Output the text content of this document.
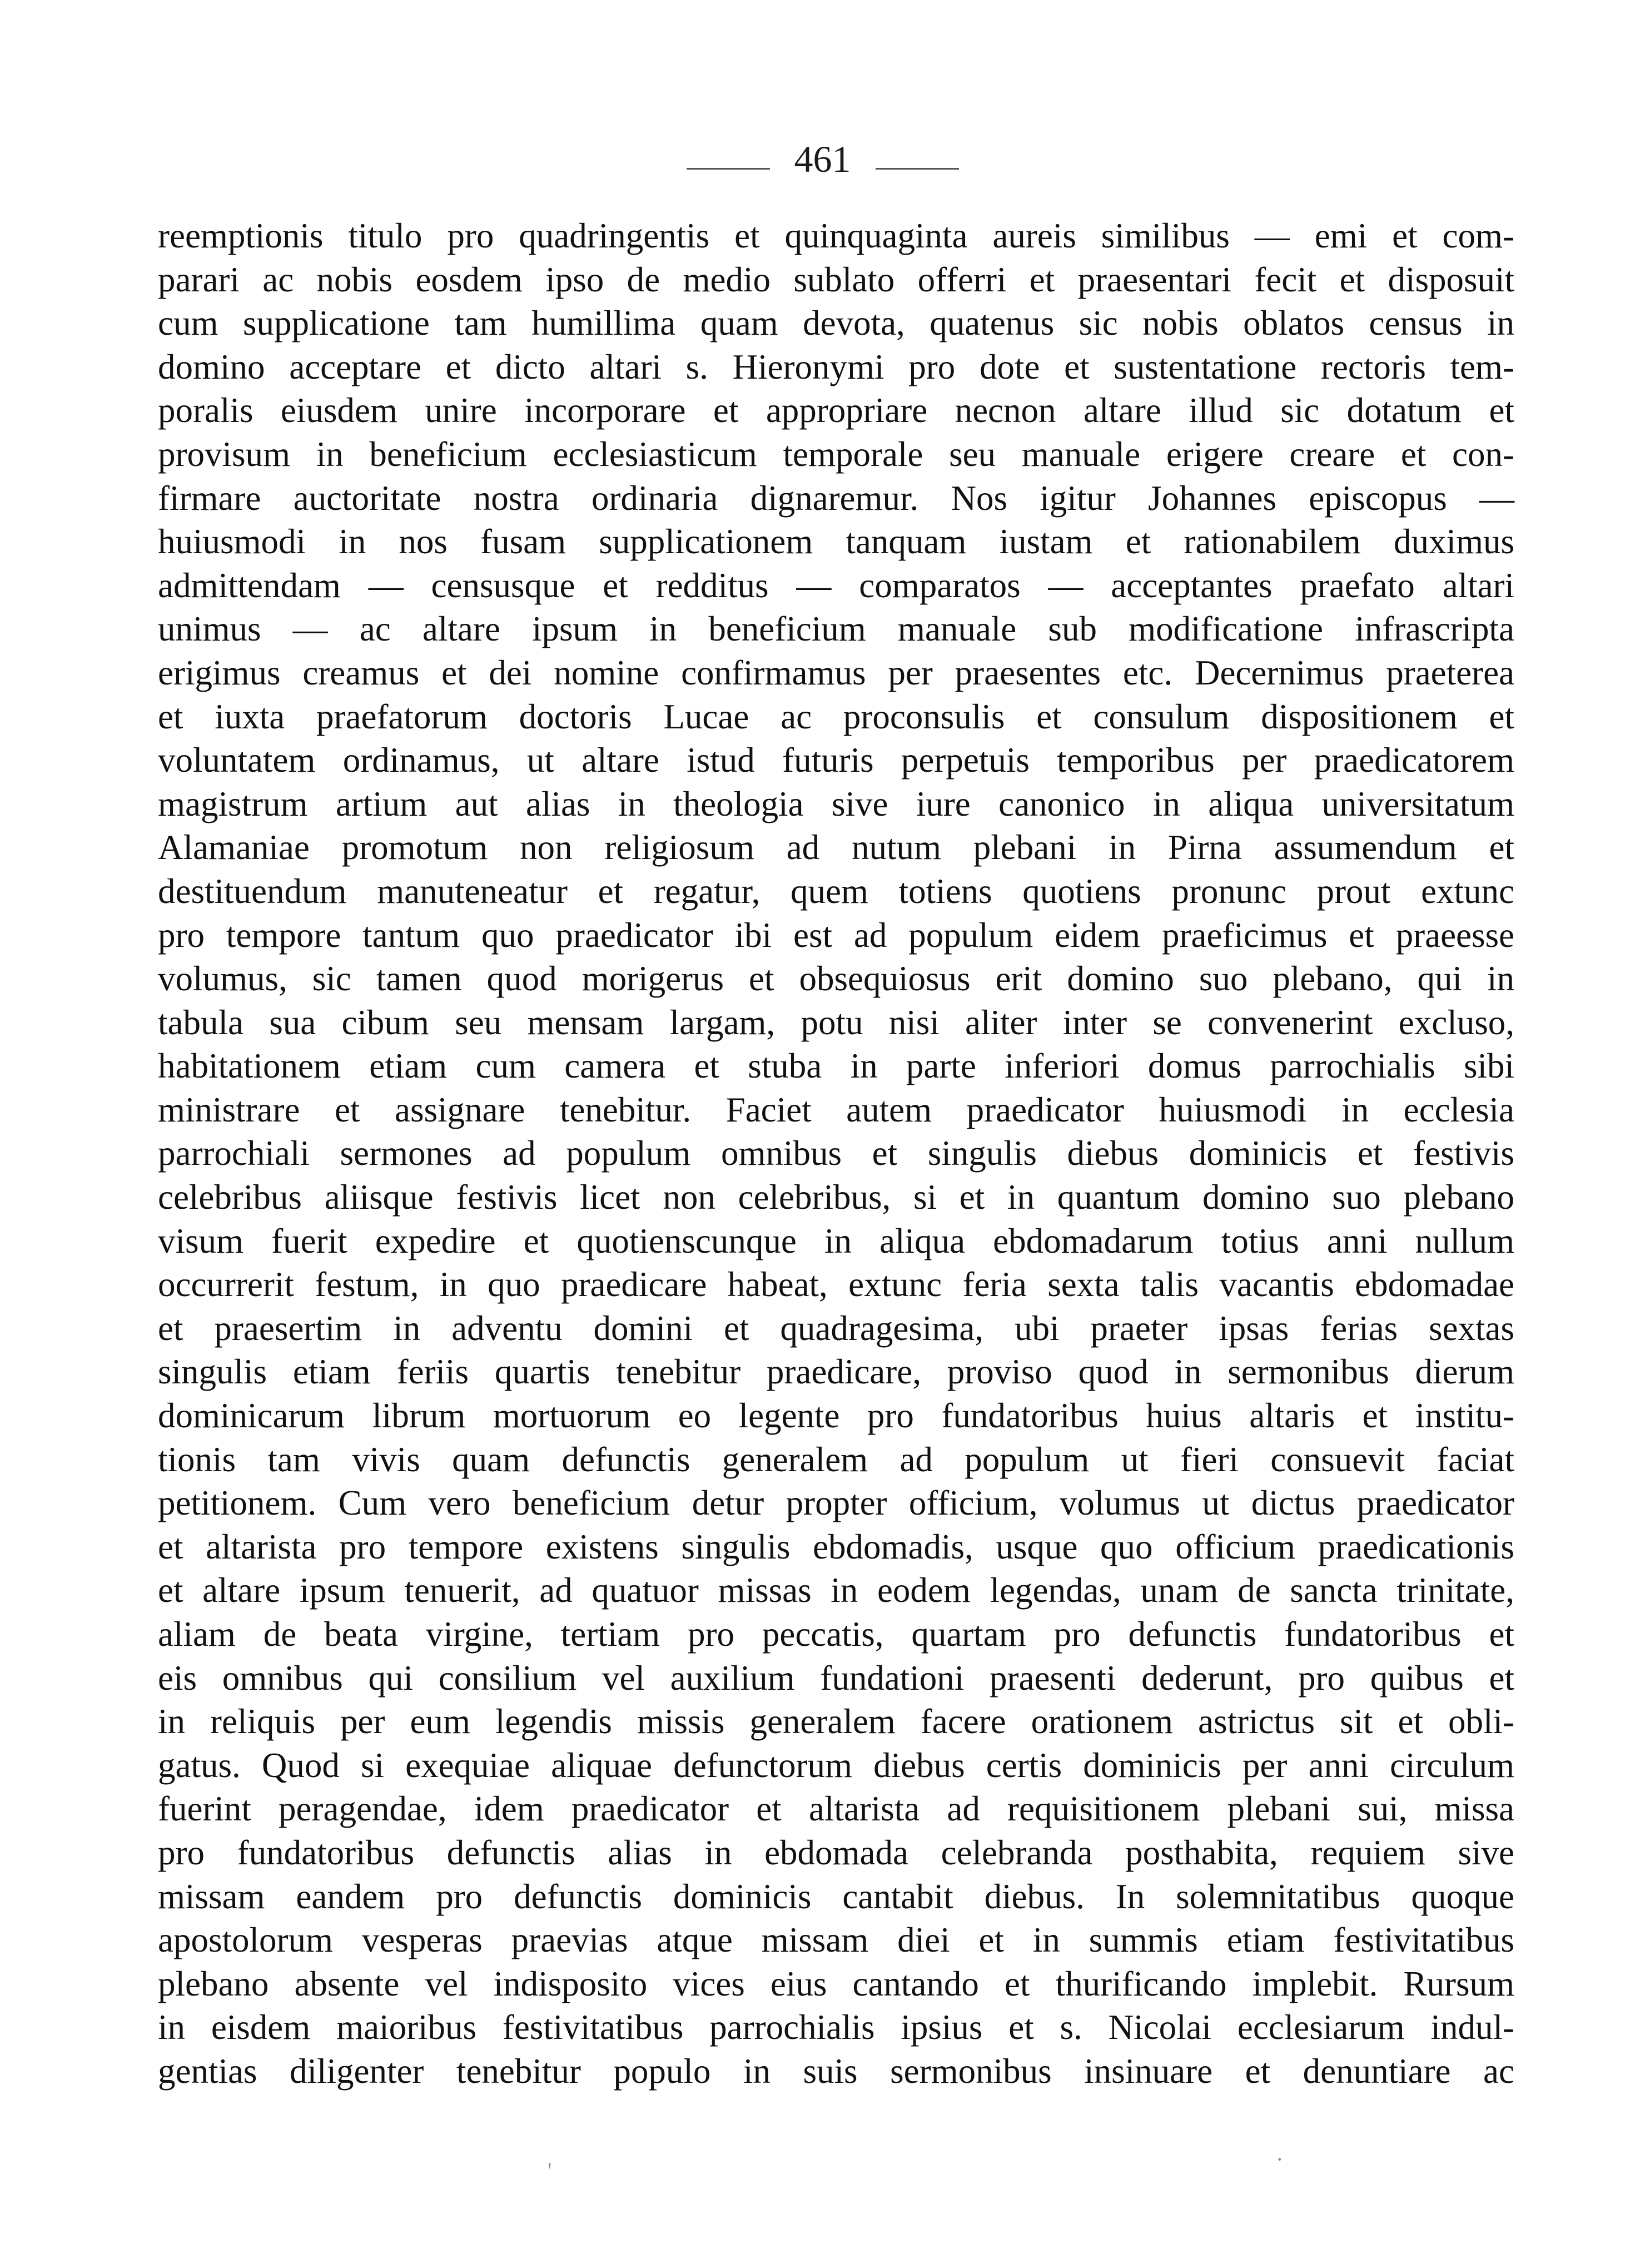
461
reemptionis titulo pro quadringentis et quinquaginta aureis similibus — emi et com-
parari ac nobis eosdem ipso de medio sublato offerri et praesentari fecit et disposuit
cum supplicatione tam humillima quam devota, quatenus sic nobis oblatos census in
domino acceptare et dicto altari s. Hieronymi pro dote et sustentatione rectoris tem-
poralis eiusdem unire incorporare et appropriare necnon altare illud sic dotatum et
provisum in beneficium ecclesiasticum temporale seu manuale erigere creare et con-
firmare auctoritate nostra ordinaria dignaremur. Nos igitur Johannes episcopus —
huiusmodi in nos fusam supplicationem tanquam iustam et rationabilem duximus
admittendam — censusque et redditus — comparatos — acceptantes praefato altari
unimus — ac altare ipsum in beneficium manuale sub modificatione infrascripta
erigimus creamus et dei nomine confirmamus per praesentes etc. Decernimus praeterea
et iuxta praefatorum doctoris Lucae ac proconsulis et consulum dispositionem et
voluntatem ordinamus, ut altare istud futuris perpetuis temporibus per praedicatorem
magistrum artium aut alias in theologia sive iure canonico in aliqua universitatum
Alamaniae promotum non religiosum ad nutum plebani in Pirna assumendum et
destituendum manuteneatur et regatur, quem totiens quotiens pronunc prout extunc
pro tempore tantum quo praedicator ibi est ad populum eidem praeficimus et praeesse
volumus, sic tamen quod morigerus et obsequiosus erit domino suo plebano, qui in
tabula sua cibum seu mensam largam, potu nisi aliter inter se convenerint excluso,
habitationem etiam cum camera et stuba in parte inferiori domus parrochialis sibi
ministrare et assignare tenebitur. Faciet autem praedicator huiusmodi in ecclesia
parrochiali sermones ad populum omnibus et singulis diebus dominicis et festivis
celebribus aliisque festivis licet non celebribus, si et in quantum domino suo plebano
visum fuerit expedire et quotienscunque in aliqua ebdomadarum totius anni nullum
occurrerit festum, in quo praedicare habeat, extunc feria sexta talis vacantis ebdomadae
et praesertim in adventu domini et quadragesima, ubi praeter ipsas ferias sextas
singulis etiam feriis quartis tenebitur praedicare, proviso quod in sermonibus dierum
dominicarum librum mortuorum eo legente pro fundatoribus huius altaris et institu-
tionis tam vivis quam defunctis generalem ad populum ut fieri consuevit faciat
petitionem. Cum vero beneficium detur propter officium, volumus ut dictus praedicator
et altarista pro tempore existens singulis ebdomadis, usque quo officium praedicationis
et altare ipsum tenuerit, ad quatuor missas in eodem legendas, unam de sancta trinitate,
aliam de beata virgine, tertiam pro peccatis, quartam pro defunctis fundatoribus et
eis omnibus qui consilium vel auxilium fundationi praesenti dederunt, pro quibus et
in reliquis per eum legendis missis generalem facere orationem astrictus sit et obli-
gatus. Quod si exequiae aliquae defunctorum diebus certis dominicis per anni circulum
fuerint peragendae, idem praedicator et altarista ad requisitionem plebani sui, missa
pro fundatoribus defunctis alias in ebdomada celebranda posthabita, requiem sive
missam eandem pro defunctis dominicis cantabit diebus. In solemnitatibus quoque
apostolorum vesperas praevias atque missam diei et in summis etiam festivitatibus
plebano absente vel indisposito vices eius cantando et thurificando implebit. Rursum
in eisdem maioribus festivitatibus parrochialis ipsius et s. Nicolai ecclesiarum indul-
gentias diligenter tenebitur populo in suis sermonibus insinuare et denuntiare ac
'	·
